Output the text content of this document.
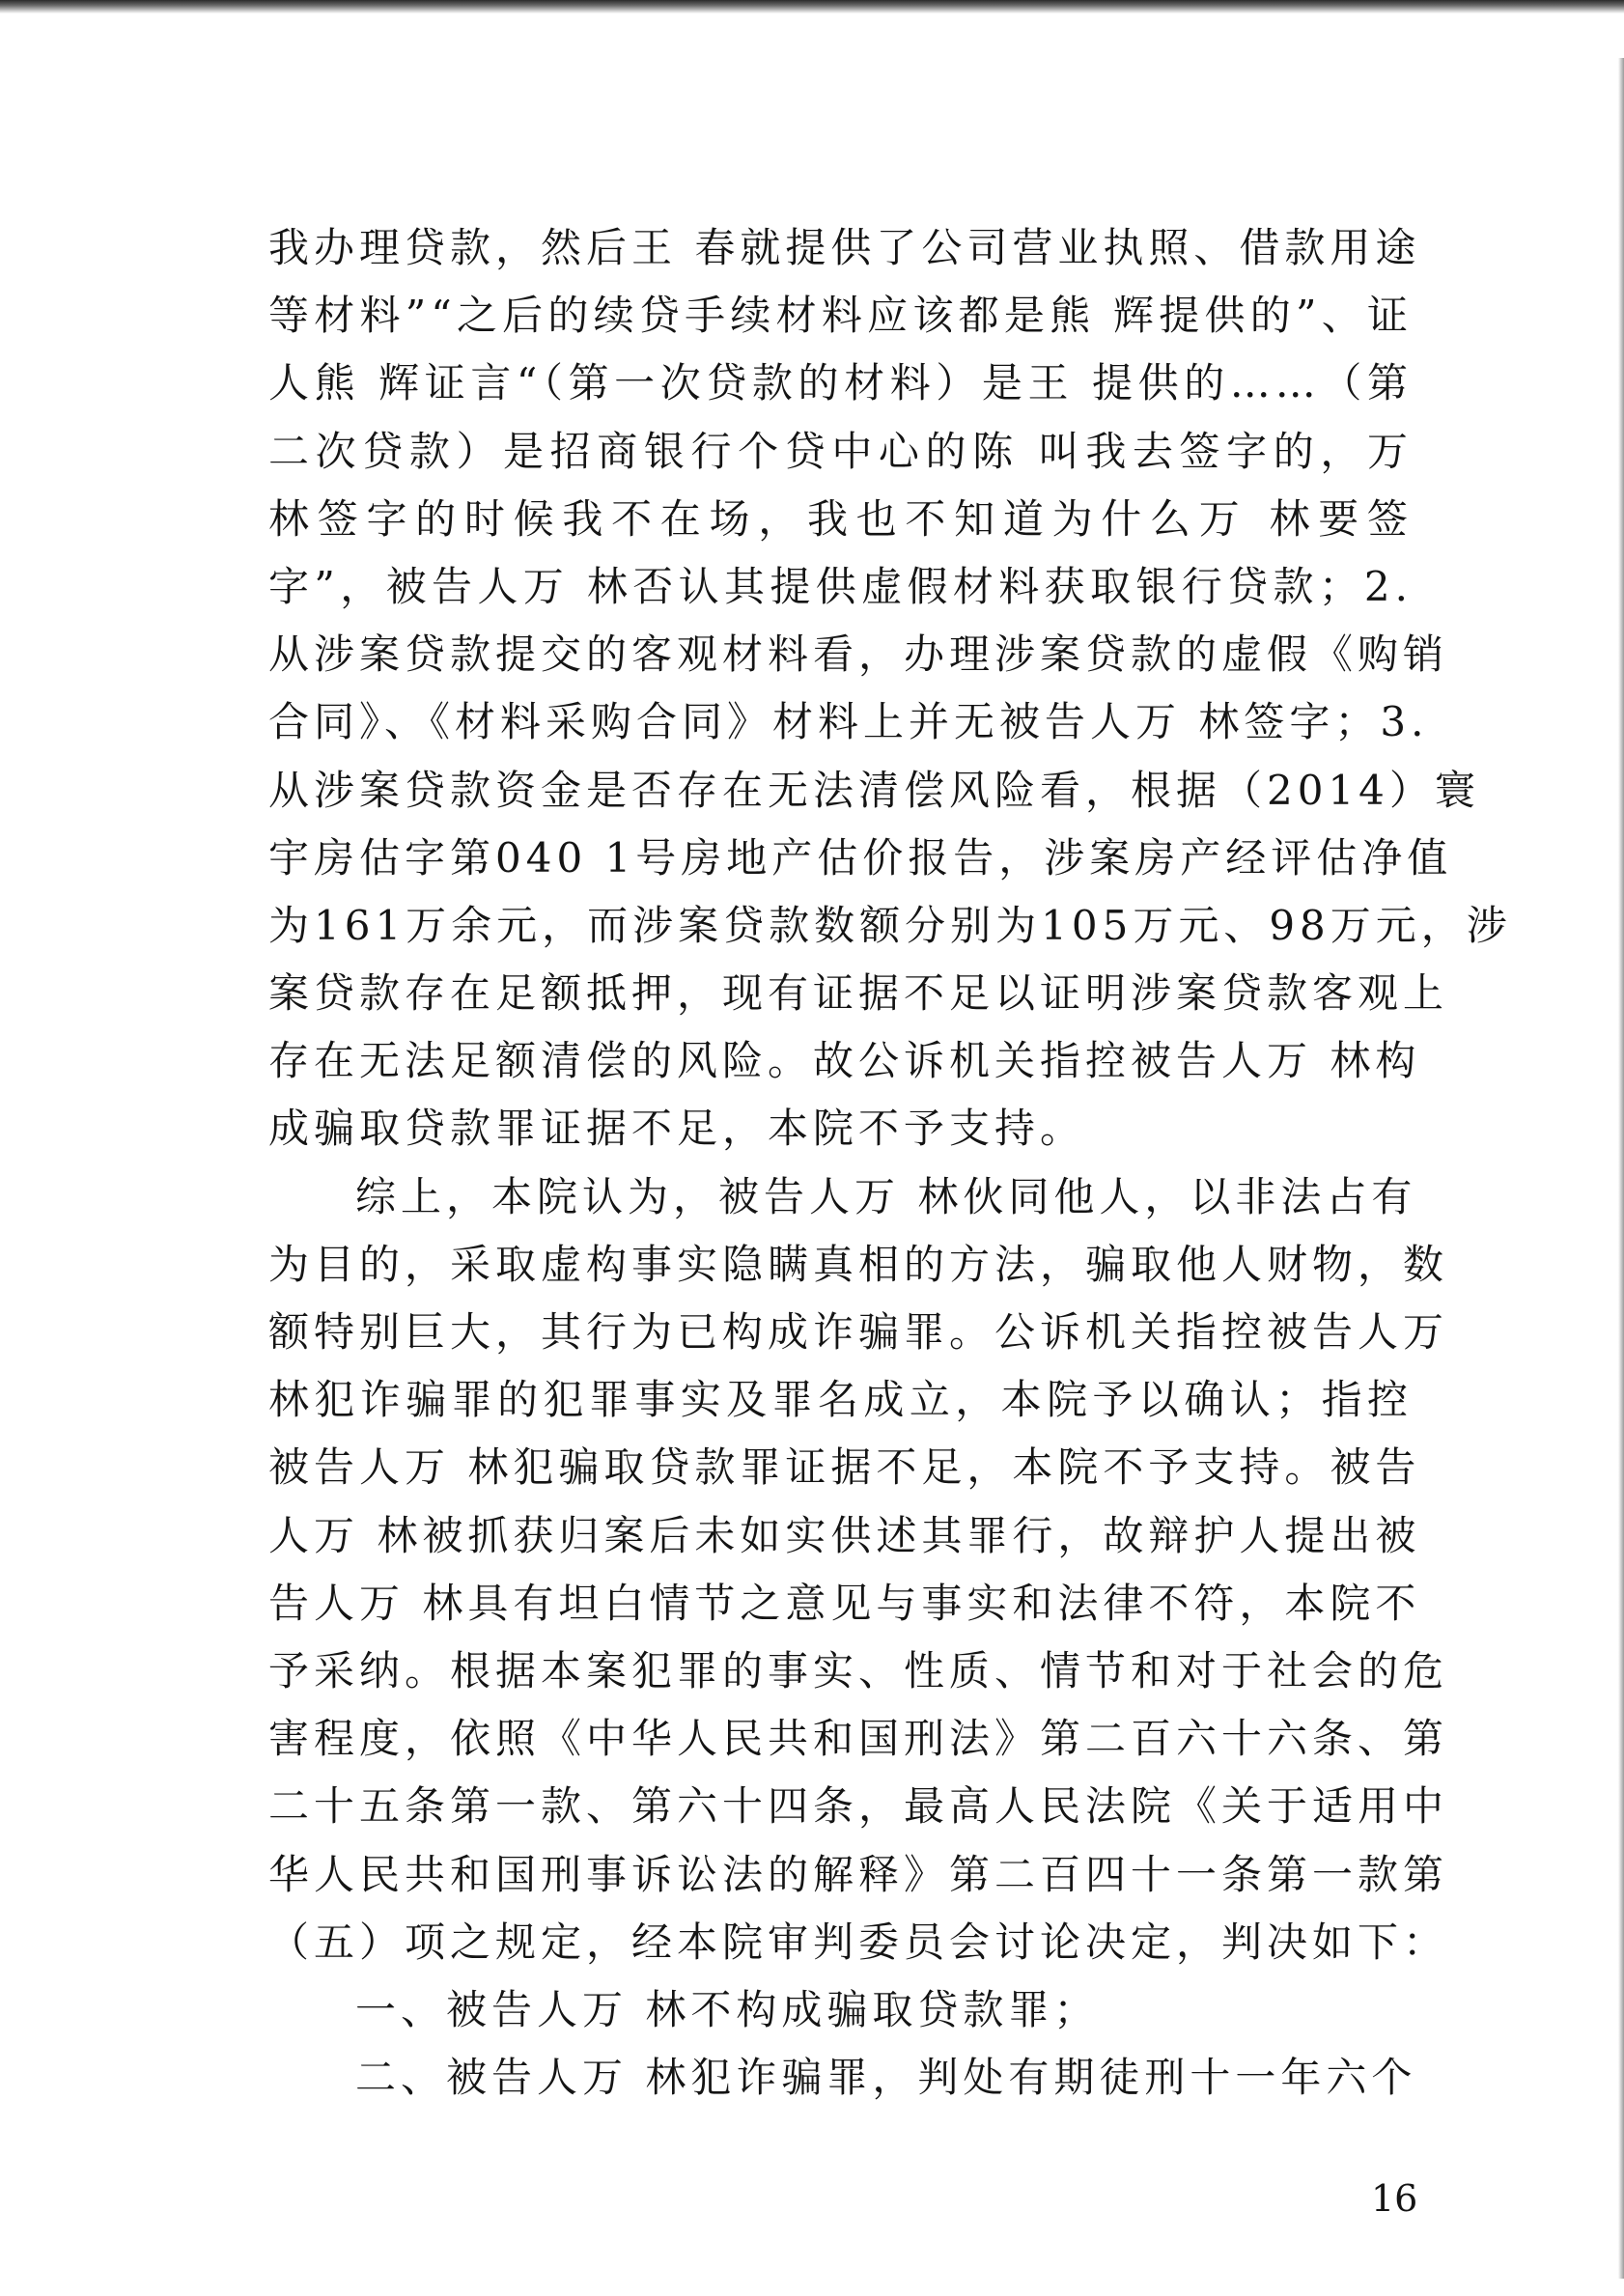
我办理贷款，然后王 春就提供了公司营业执照、借款用途
等材料”“之后的续贷手续材料应该都是熊 辉提供的”、证
人熊 辉证言“（第一次贷款的材料）是王 提供的……（第
二次贷款）是招商银行个贷中心的陈 叫我去签字的，万
林签字的时候我不在场，我也不知道为什么万 林要签
字”，被告人万 林否认其提供虚假材料获取银行贷款；2.
从涉案贷款提交的客观材料看，办理涉案贷款的虚假《购销
合同》、《材料采购合同》材料上并无被告人万 林签字；3.
从涉案贷款资金是否存在无法清偿风险看，根据（2014）寰
宇房估字第040 1号房地产估价报告，涉案房产经评估净值
为161万余元，而涉案贷款数额分别为105万元、98万元，涉
案贷款存在足额抵押，现有证据不足以证明涉案贷款客观上
存在无法足额清偿的风险。故公诉机关指控被告人万 林构
成骗取贷款罪证据不足，本院不予支持。
综上，本院认为，被告人万 林伙同他人，以非法占有
为目的，采取虚构事实隐瞒真相的方法，骗取他人财物，数
额特别巨大，其行为已构成诈骗罪。公诉机关指控被告人万
林犯诈骗罪的犯罪事实及罪名成立，本院予以确认；指控
被告人万 林犯骗取贷款罪证据不足，本院不予支持。被告
人万 林被抓获归案后未如实供述其罪行，故辩护人提出被
告人万 林具有坦白情节之意见与事实和法律不符，本院不
予采纳。根据本案犯罪的事实、性质、情节和对于社会的危
害程度，依照《中华人民共和国刑法》第二百六十六条、第
二十五条第一款、第六十四条，最高人民法院《关于适用中
华人民共和国刑事诉讼法的解释》第二百四十一条第一款第
（五）项之规定，经本院审判委员会讨论决定，判决如下：
一、被告人万 林不构成骗取贷款罪；
二、被告人万 林犯诈骗罪，判处有期徒刑十一年六个
16
